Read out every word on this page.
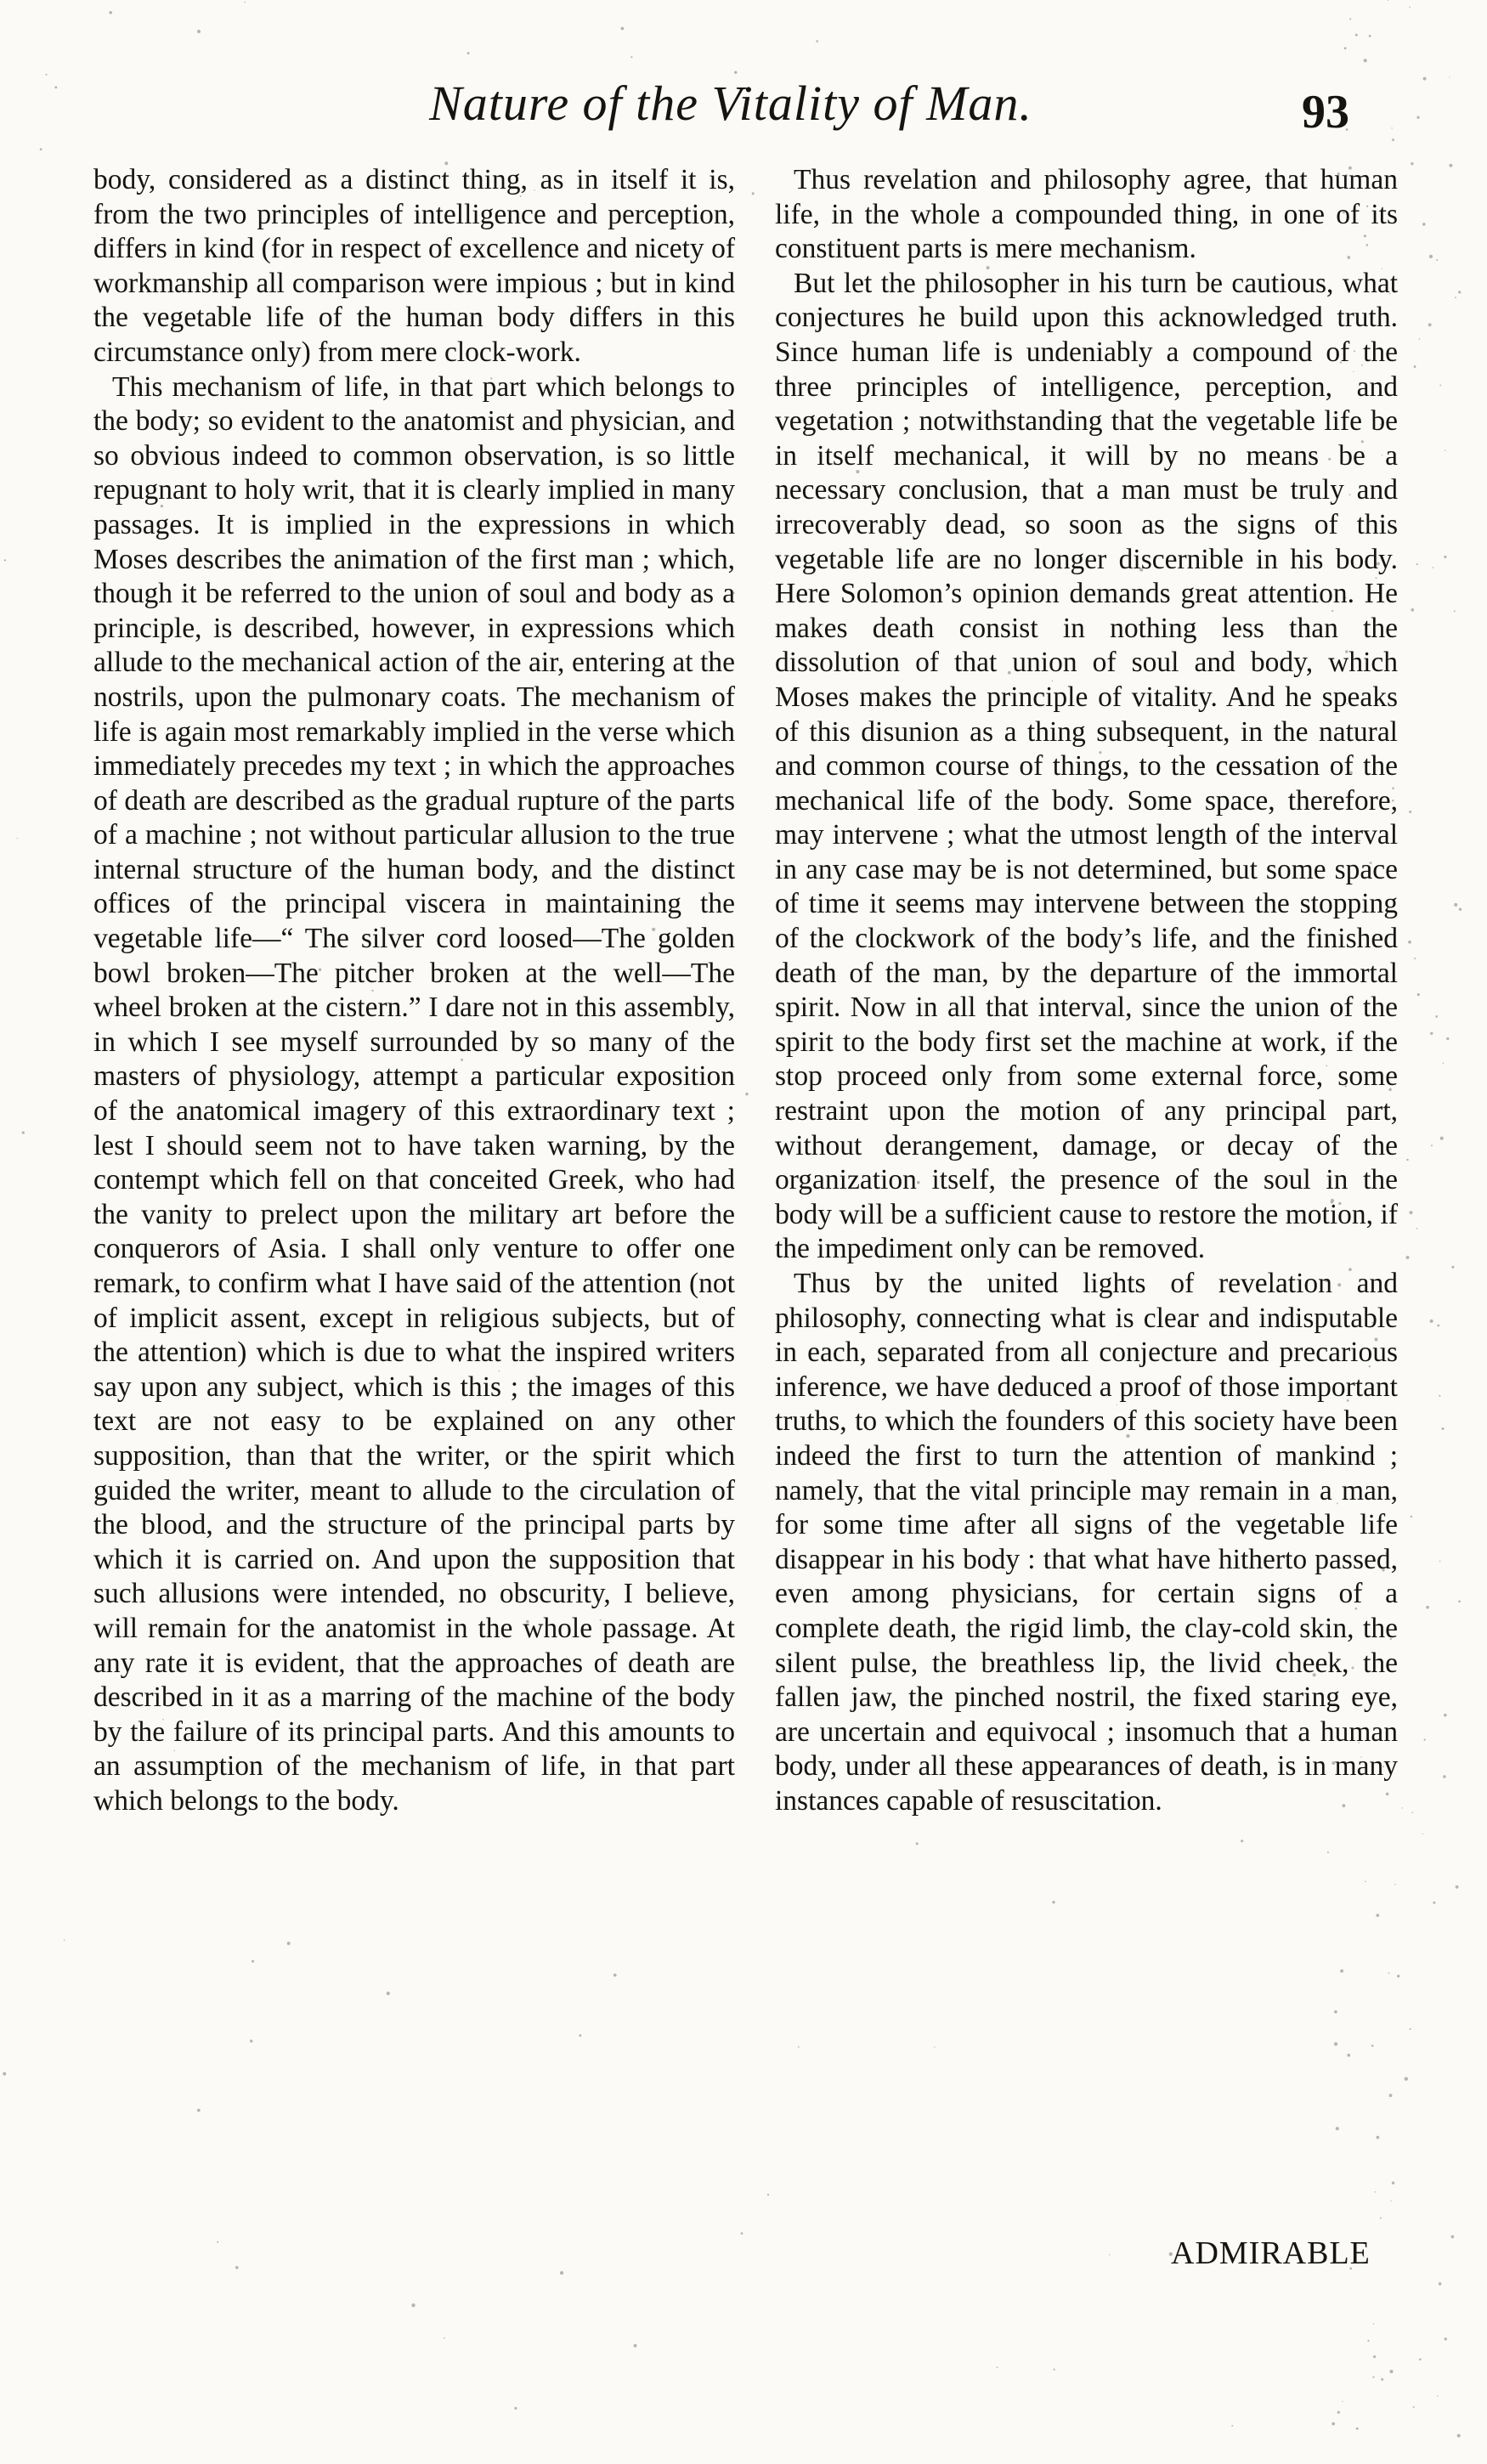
Nature of the Vitality of Man.	93

body, considered as a distinct thing, as in itself it is, from the two principles of intelligence and perception, differs in kind (for in respect of excellence and nicety of workmanship all comparison were impious ; but in kind the vegetable life of the human body differs in this circumstance only) from mere clock-work.

This mechanism of life, in that part which belongs to the body; so evident to the anatomist and physician, and so obvious indeed to common observation, is so little repugnant to holy writ, that it is clearly implied in many passages. It is implied in the expressions in which Moses describes the animation of the first man ; which, though it be referred to the union of soul and body as a principle, is described, however, in expressions which allude to the mechanical action of the air, entering at the nostrils, upon the pulmonary coats. The mechanism of life is again most remarkably implied in the verse which immediately precedes my text ; in which the approaches of death are described as the gradual rupture of the parts of a machine ; not without particular allusion to the true internal structure of the human body, and the distinct offices of the principal viscera in maintaining the vegetable life—“ The silver cord loosed—The golden bowl broken—The pitcher broken at the well—The wheel broken at the cistern.” I dare not in this assembly, in which I see myself surrounded by so many of the masters of physiology, attempt a particular exposition of the anatomical imagery of this extraordinary text ; lest I should seem not to have taken warning, by the contempt which fell on that conceited Greek, who had the vanity to prelect upon the military art before the conquerors of Asia. I shall only venture to offer one remark, to confirm what I have said of the attention (not of implicit assent, except in religious subjects, but of the attention) which is due to what the inspired writers say upon any subject, which is this ; the images of this text are not easy to be explained on any other supposition, than that the writer, or the spirit which guided the writer, meant to allude to the circulation of the blood, and the structure of the principal parts by which it is carried on. And upon the supposition that such allusions were intended, no obscurity, I believe, will remain for the anatomist in the whole passage. At any rate it is evident, that the approaches of death are described in it as a marring of the machine of the body by the failure of its principal parts. And this amounts to an assumption of the mechanism of life, in that part which belongs to the body.

Thus revelation and philosophy agree, that human life, in the whole a compounded thing, in one of its constituent parts is mere mechanism.

But let the philosopher in his turn be cautious, what conjectures he build upon this acknowledged truth. Since human life is undeniably a compound of the three principles of intelligence, perception, and vegetation ; notwithstanding that the vegetable life be in itself mechanical, it will by no means be a necessary conclusion, that a man must be truly and irrecoverably dead, so soon as the signs of this vegetable life are no longer discernible in his body. Here Solomon’s opinion demands great attention. He makes death consist in nothing less than the dissolution of that union of soul and body, which Moses makes the principle of vitality. And he speaks of this disunion as a thing subsequent, in the natural and common course of things, to the cessation of the mechanical life of the body. Some space, therefore, may intervene ; what the utmost length of the interval in any case may be is not determined, but some space of time it seems may intervene between the stopping of the clockwork of the body’s life, and the finished death of the man, by the departure of the immortal spirit. Now in all that interval, since the union of the spirit to the body first set the machine at work, if the stop proceed only from some external force, some restraint upon the motion of any principal part, without derangement, damage, or decay of the organization itself, the presence of the soul in the body will be a sufficient cause to restore the motion, if the impediment only can be removed.

Thus by the united lights of revelation and philosophy, connecting what is clear and indisputable in each, separated from all conjecture and precarious inference, we have deduced a proof of those important truths, to which the founders of this society have been indeed the first to turn the attention of mankind ; namely, that the vital principle may remain in a man, for some time after all signs of the vegetable life disappear in his body : that what have hitherto passed, even among physicians, for certain signs of a complete death, the rigid limb, the clay-cold skin, the silent pulse, the breathless lip, the livid cheek, the fallen jaw, the pinched nostril, the fixed staring eye, are uncertain and equivocal ; insomuch that a human body, under all these appearances of death, is in many instances capable of resuscitation.

ADMIRABLE
